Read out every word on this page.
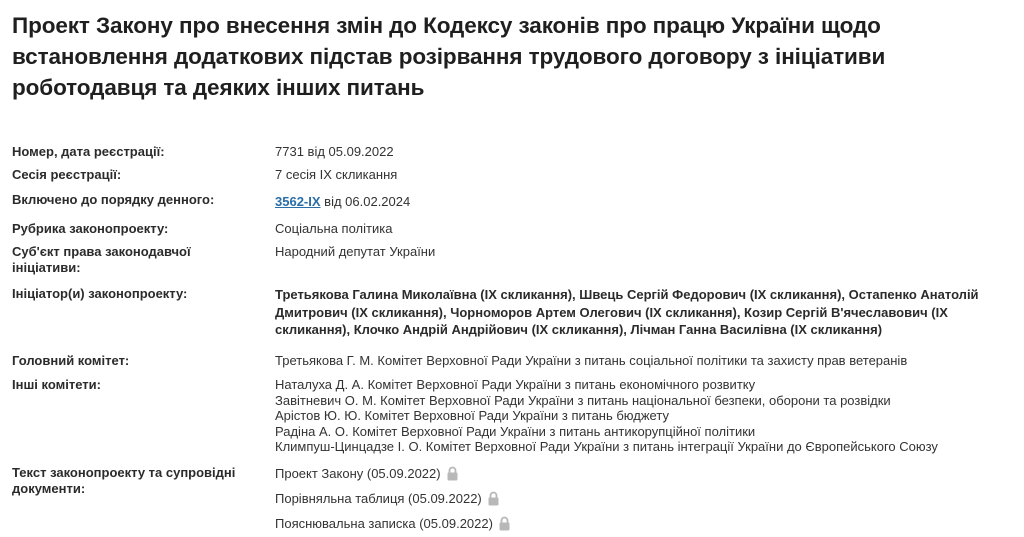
Проект Закону про внесення змін до Кодексу законів про працю України щодо встановлення додаткових підстав розірвання трудового договору з ініціативи роботодавця та деяких інших питань
Номер, дата реєстрації:	7731 від 05.09.2022
Сесія реєстрації:	7 сесія IX скликання
Включено до порядку денного:	3562-IX від 06.02.2024
Рубрика законопроекту:	Соціальна політика
Суб'єкт права законодавчої ініціативи:
Народний депутат України
Ініціатор(и) законопроекту:	Третьякова Галина Миколаївна (IX скликання), Швець Сергій Федорович (IX скликання), Остапенко Анатолій Дмитрович (IX скликання), Чорноморов Артем Олегович (IX скликання), Козир Сергій В'ячеславович (IX скликання), Клочко Андрій Андрійович (IX скликання), Лічман Ганна Василівна (IX скликання)
Головний комітет:	Третьякова Г. М. Комітет Верховної Ради України з питань соціальної політики та захисту прав ветеранів
Інші комітети:	Наталуха Д. А. Комітет Верховної Ради України з питань економічного розвитку
Завітневич О. М. Комітет Верховної Ради України з питань національної безпеки, оборони та розвідки
Арістов Ю. Ю. Комітет Верховної Ради України з питань бюджету
Радіна А. О. Комітет Верховної Ради України з питань антикорупційної політики
Климпуш-Цинцадзе І. О. Комітет Верховної Ради України з питань інтеграції України до Європейського Союзу
Текст законопроекту та супровідні документи:
Проект Закону (05.09.2022)
Порівняльна таблиця (05.09.2022)
Пояснювальна записка (05.09.2022)
